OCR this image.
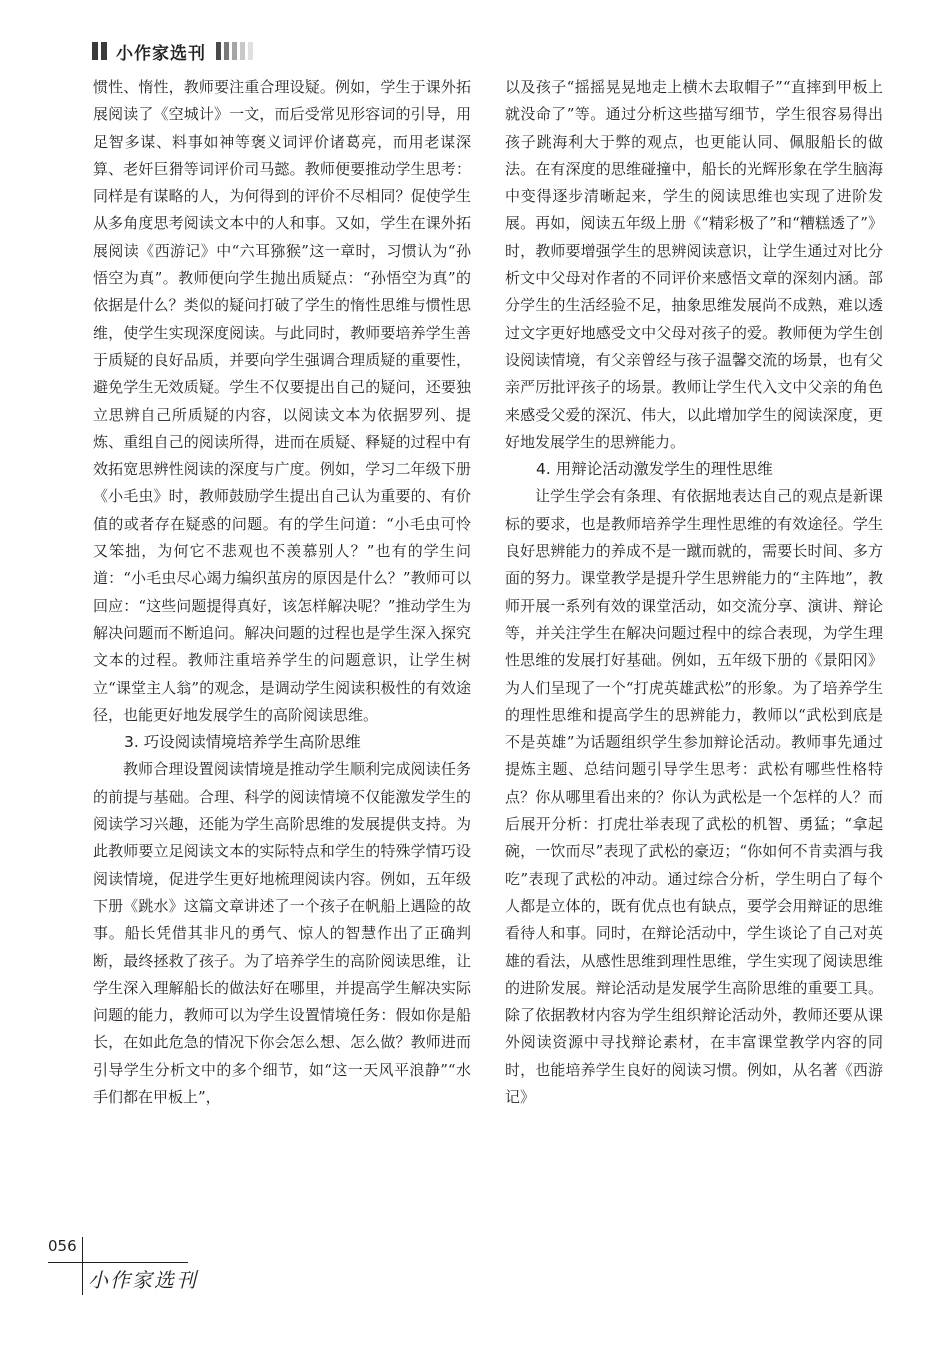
小作家选刊

惯性、惰性，教师要注重合理设疑。例如，学生于课外拓展阅读了《空城计》一文，而后受常见形容词的引导，用足智多谋、料事如神等褒义词评价诸葛亮，而用老谋深算、老奸巨猾等词评价司马懿。教师便要推动学生思考：同样是有谋略的人，为何得到的评价不尽相同？促使学生从多角度思考阅读文本中的人和事。又如，学生在课外拓展阅读《西游记》中“六耳猕猴”这一章时，习惯认为“孙悟空为真”。教师便向学生抛出质疑点：“孙悟空为真”的依据是什么？类似的疑问打破了学生的惰性思维与惯性思维，使学生实现深度阅读。与此同时，教师要培养学生善于质疑的良好品质，并要向学生强调合理质疑的重要性，避免学生无效质疑。学生不仅要提出自己的疑问，还要独立思辨自己所质疑的内容，以阅读文本为依据罗列、提炼、重组自己的阅读所得，进而在质疑、释疑的过程中有效拓宽思辨性阅读的深度与广度。例如，学习二年级下册《小毛虫》时，教师鼓励学生提出自己认为重要的、有价值的或者存在疑惑的问题。有的学生问道：“小毛虫可怜又笨拙，为何它不悲观也不羡慕别人？”也有的学生问道：“小毛虫尽心竭力编织茧房的原因是什么？”教师可以回应：“这些问题提得真好，该怎样解决呢？”推动学生为解决问题而不断追问。解决问题的过程也是学生深入探究文本的过程。教师注重培养学生的问题意识，让学生树立“课堂主人翁”的观念，是调动学生阅读积极性的有效途径，也能更好地发展学生的高阶阅读思维。

3. 巧设阅读情境培养学生高阶思维

教师合理设置阅读情境是推动学生顺利完成阅读任务的前提与基础。合理、科学的阅读情境不仅能激发学生的阅读学习兴趣，还能为学生高阶思维的发展提供支持。为此教师要立足阅读文本的实际特点和学生的特殊学情巧设阅读情境，促进学生更好地梳理阅读内容。例如，五年级下册《跳水》这篇文章讲述了一个孩子在帆船上遇险的故事。船长凭借其非凡的勇气、惊人的智慧作出了正确判断，最终拯救了孩子。为了培养学生的高阶阅读思维，让学生深入理解船长的做法好在哪里，并提高学生解决实际问题的能力，教师可以为学生设置情境任务：假如你是船长，在如此危急的情况下你会怎么想、怎么做？教师进而引导学生分析文中的多个细节，如“这一天风平浪静”“水手们都在甲板上”，

以及孩子“摇摇晃晃地走上横木去取帽子”“直摔到甲板上就没命了”等。通过分析这些描写细节，学生很容易得出孩子跳海利大于弊的观点，也更能认同、佩服船长的做法。在有深度的思维碰撞中，船长的光辉形象在学生脑海中变得逐步清晰起来，学生的阅读思维也实现了进阶发展。再如，阅读五年级上册《“精彩极了”和“糟糕透了”》时，教师要增强学生的思辨阅读意识，让学生通过对比分析文中父母对作者的不同评价来感悟文章的深刻内涵。部分学生的生活经验不足，抽象思维发展尚不成熟，难以透过文字更好地感受文中父母对孩子的爱。教师便为学生创设阅读情境，有父亲曾经与孩子温馨交流的场景，也有父亲严厉批评孩子的场景。教师让学生代入文中父亲的角色来感受父爱的深沉、伟大，以此增加学生的阅读深度，更好地发展学生的思辨能力。

4. 用辩论活动激发学生的理性思维

让学生学会有条理、有依据地表达自己的观点是新课标的要求，也是教师培养学生理性思维的有效途径。学生良好思辨能力的养成不是一蹴而就的，需要长时间、多方面的努力。课堂教学是提升学生思辨能力的“主阵地”，教师开展一系列有效的课堂活动，如交流分享、演讲、辩论等，并关注学生在解决问题过程中的综合表现，为学生理性思维的发展打好基础。例如，五年级下册的《景阳冈》为人们呈现了一个“打虎英雄武松”的形象。为了培养学生的理性思维和提高学生的思辨能力，教师以“武松到底是不是英雄”为话题组织学生参加辩论活动。教师事先通过提炼主题、总结问题引导学生思考：武松有哪些性格特点？你从哪里看出来的？你认为武松是一个怎样的人？而后展开分析：打虎壮举表现了武松的机智、勇猛；“拿起碗，一饮而尽”表现了武松的豪迈；“你如何不肯卖酒与我吃”表现了武松的冲动。通过综合分析，学生明白了每个人都是立体的，既有优点也有缺点，要学会用辩证的思维看待人和事。同时，在辩论活动中，学生谈论了自己对英雄的看法，从感性思维到理性思维，学生实现了阅读思维的进阶发展。辩论活动是发展学生高阶思维的重要工具。除了依据教材内容为学生组织辩论活动外，教师还要从课外阅读资源中寻找辩论素材，在丰富课堂教学内容的同时，也能培养学生良好的阅读习惯。例如，从名著《西游记》

056
小作家选刊
